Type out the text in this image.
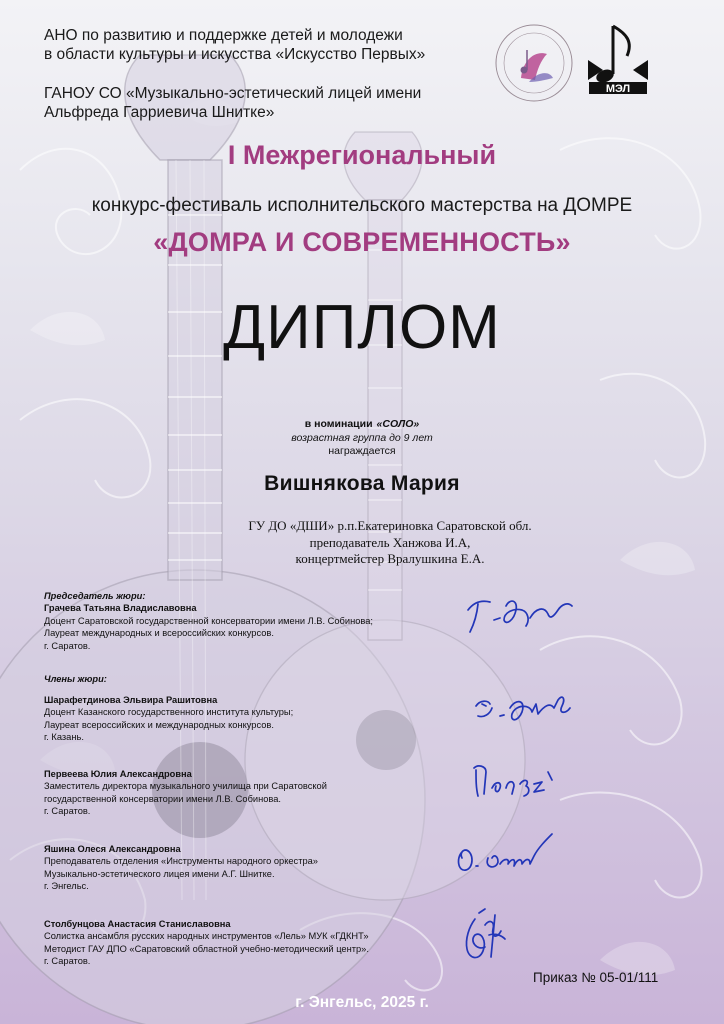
АНО по развитию и поддержке детей и молодежи
в области культуры и искусства «Искусство Первых»
ГАНОУ СО «Музыкально-эстетический лицей имени
Альфреда Гарриевича Шнитке»
МЭЛ
I Межрегиональный
конкурс-фестиваль исполнительского мастерства на ДОМРЕ
«ДОМРА И СОВРЕМЕННОСТЬ»
ДИПЛОМ
в номинации «СОЛО»
возрастная группа до 9 лет
награждается
Вишнякова Мария
ГУ ДО «ДШИ» р.п.Екатериновка Саратовской обл.
преподаватель Ханжова И.А,
концертмейстер Вралушкина Е.А.
Председатель жюри:
Грачева Татьяна Владиславовна
Доцент Саратовской государственной консерватории имени Л.В. Собинова;
Лауреат международных и всероссийских конкурсов.
г. Саратов.
Члены жюри:
Шарафетдинова Эльвира Рашитовна
Доцент Казанского государственного института культуры;
Лауреат всероссийских и международных конкурсов.
г. Казань.
Первеева Юлия Александровна
Заместитель директора музыкального училища при Саратовской
государственной консерватории имени Л.В. Собинова.
г. Саратов.
Яшина Олеся Александровна
Преподаватель отделения «Инструменты народного оркестра»
Музыкально-эстетического лицея имени А.Г. Шнитке.
г. Энгельс.
Столбунцова Анастасия Станиславовна
Солистка ансамбля русских народных инструментов «Лель» МУК «ГДКНТ»
Методист ГАУ ДПО «Саратовский областной учебно-методический центр».
г. Саратов.
Приказ № 05-01/111
г. Энгельс, 2025 г.
